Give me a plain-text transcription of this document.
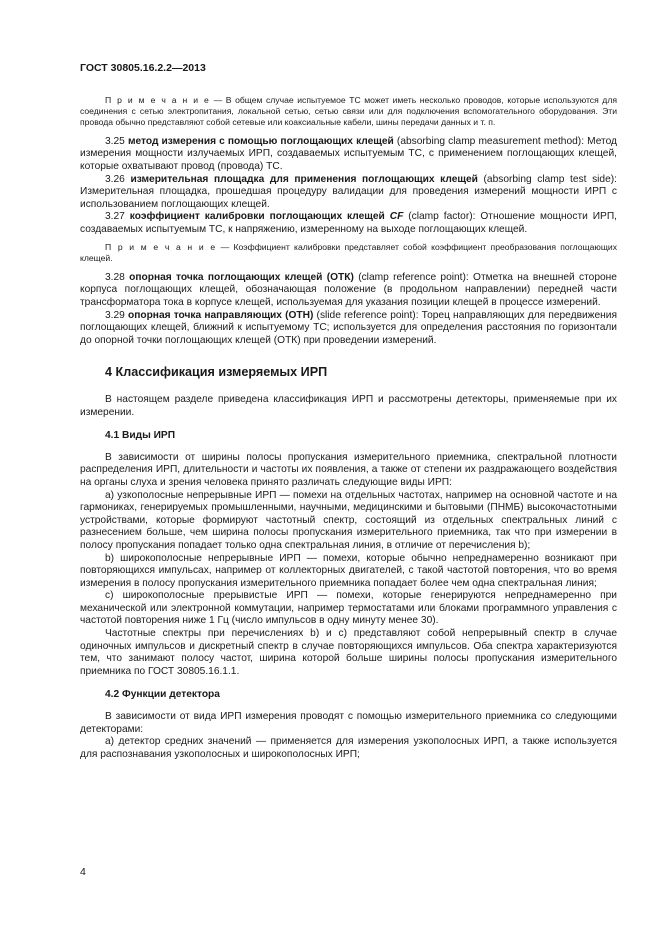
ГОСТ 30805.16.2.2—2013

П р и м е ч а н и е — В общем случае испытуемое ТС может иметь несколько проводов, которые используются для соединения с сетью электропитания, локальной сетью, сетью связи или для подключения вспомогательного оборудования. Эти провода обычно представляют собой сетевые или коаксиальные кабели, шины передачи данных и т. п.

3.25 метод измерения с помощью поглощающих клещей (absorbing clamp measurement method): Метод измерения мощности излучаемых ИРП, создаваемых испытуемым ТС, с применением поглощающих клещей, которые охватывают провод (провода) ТС.

3.26 измерительная площадка для применения поглощающих клещей (absorbing clamp test side): Измерительная площадка, прошедшая процедуру валидации для проведения измерений мощности ИРП с использованием поглощающих клещей.

3.27 коэффициент калибровки поглощающих клещей CF (clamp factor): Отношение мощности ИРП, создаваемых испытуемым ТС, к напряжению, измеренному на выходе поглощающих клещей.

П р и м е ч а н и е — Коэффициент калибровки представляет собой коэффициент преобразования поглощающих клещей.

3.28 опорная точка поглощающих клещей (ОТК) (clamp reference point): Отметка на внешней стороне корпуса поглощающих клещей, обозначающая положение (в продольном направлении) передней части трансформатора тока в корпусе клещей, используемая для указания позиции клещей в процессе измерений.

3.29 опорная точка направляющих (ОТН) (slide reference point): Торец направляющих для передвижения поглощающих клещей, ближний к испытуемому ТС; используется для определения расстояния по горизонтали до опорной точки поглощающих клещей (ОТК) при проведении измерений.

4 Классификация измеряемых ИРП

В настоящем разделе приведена классификация ИРП и рассмотрены детекторы, применяемые при их измерении.

4.1 Виды ИРП

В зависимости от ширины полосы пропускания измерительного приемника, спектральной плотности распределения ИРП, длительности и частоты их появления, а также от степени их раздражающего воздействия на органы слуха и зрения человека принято различать следующие виды ИРП:

а) узкополосные непрерывные ИРП — помехи на отдельных частотах, например на основной частоте и на гармониках, генерируемых промышленными, научными, медицинскими и бытовыми (ПНМБ) высокочастотными устройствами, которые формируют частотный спектр, состоящий из отдельных спектральных линий с разнесением больше, чем ширина полосы пропускания измерительного приемника, так что при измерении в полосу пропускания попадает только одна спектральная линия, в отличие от перечисления b);

b) широкополосные непрерывные ИРП — помехи, которые обычно непреднамеренно возникают при повторяющихся импульсах, например от коллекторных двигателей, с такой частотой повторения, что во время измерения в полосу пропускания измерительного приемника попадает более чем одна спектральная линия;

c) широкополосные прерывистые ИРП — помехи, которые генерируются непреднамеренно при механической или электронной коммутации, например термостатами или блоками программного управления с частотой повторения ниже 1 Гц (число импульсов в одну минуту менее 30).

Частотные спектры при перечислениях b) и c) представляют собой непрерывный спектр в случае одиночных импульсов и дискретный спектр в случае повторяющихся импульсов. Оба спектра характеризуются тем, что занимают полосу частот, ширина которой больше ширины полосы пропускания измерительного приемника по ГОСТ 30805.16.1.1.

4.2 Функции детектора

В зависимости от вида ИРП измерения проводят с помощью измерительного приемника со следующими детекторами:

а) детектор средних значений — применяется для измерения узкополосных ИРП, а также используется для распознавания узкополосных и широкополосных ИРП;

4
